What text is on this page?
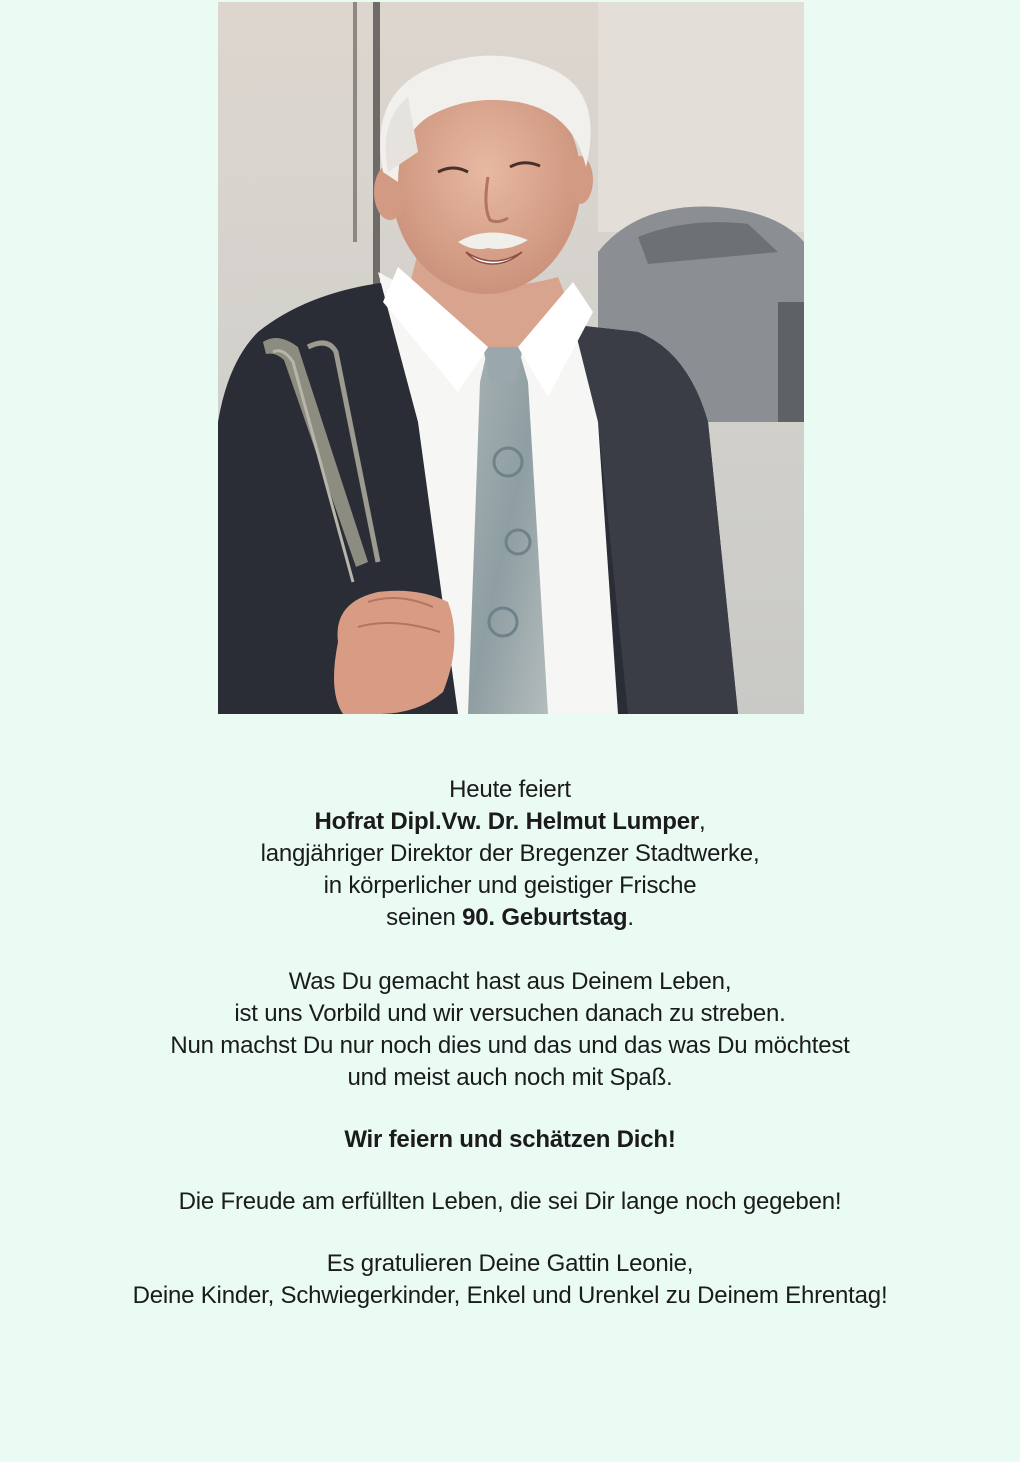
Heute feiert

Hofrat Dipl.Vw. Dr. Helmut Lumper,

langjähriger Direktor der Bregenzer Stadtwerke,

in körperlicher und geistiger Frische

seinen 90. Geburtstag.

Was Du gemacht hast aus Deinem Leben,

ist uns Vorbild und wir versuchen danach zu streben.

Nun machst Du nur noch dies und das und das was Du möchtest

und meist auch noch mit Spaß.

Wir feiern und schätzen Dich!

Die Freude am erfüllten Leben, die sei Dir lange noch gegeben!

Es gratulieren Deine Gattin Leonie,

Deine Kinder, Schwiegerkinder, Enkel und Urenkel zu Deinem Ehrentag!
